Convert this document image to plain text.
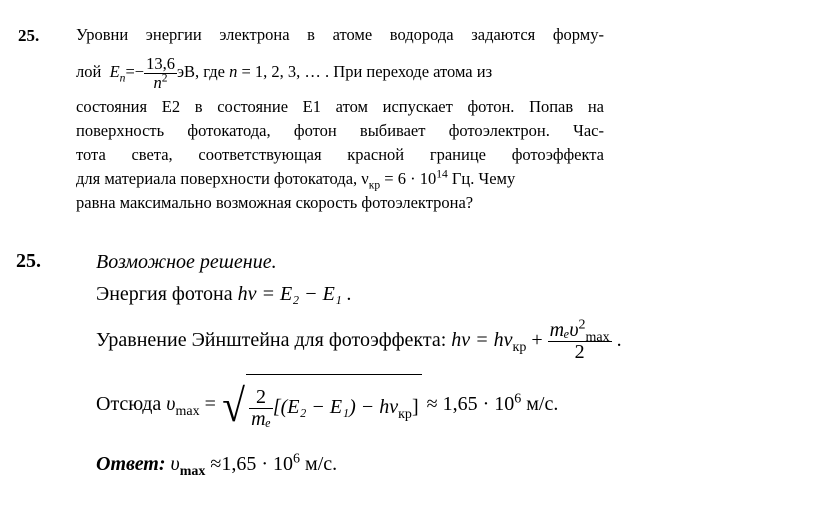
25. Уровни энергии электрона в атоме водорода задаются форму-
лой $E_n=- \frac{13,6}{n^2}$ эВ, где n = 1, 2, 3, … . При переходе атома из
состояния E2 в состояние E1 атом испускает фотон. Попав на
поверхность фотокатода, фотон выбивает фотоэлектрон. Час-
тота света, соответствующая красной границе фотоэффекта
для материала поверхности фотокатода, $\nu_{кр} = 6 \cdot 10^{14}$ Гц. Чему
равна максимально возможная скорость фотоэлектрона?
25.	Возможное решение.
Энергия фотона hν = E₂ − E₁ .
Уравнение Эйнштейна для фотоэффекта: $h\nu = h\nu_{кр} + \frac{m_e\upsilon^2_{max}}{2}$ .
Отсюда $\upsilon_{max}$ = √ $\frac{2}{\text{mₑ}} [(E_2 - E_1) - h\nu_{кр}] \approx 1,65 \cdot 10^6$ м/с.
Ответ: $\upsilon_{max} \approx 1,65 \cdot 10^6$ м/с.
